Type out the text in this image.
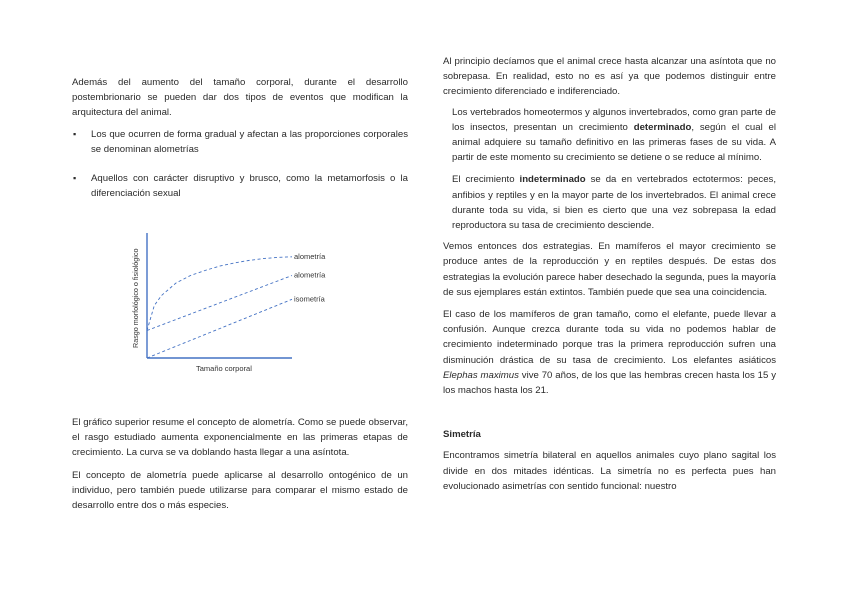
Además del aumento del tamaño corporal, durante el desarrollo postembrionario se pueden dar dos tipos de eventos que modifican la arquitectura del animal.

▪ Los que ocurren de forma gradual y afectan a las proporciones corporales se denominan alometrías
▪ Aquellos con carácter disruptivo y brusco, como la metamorfosis o la diferenciación sexual
alometría
alometría
isometría
Tamaño corporal
Rasgo morfológico o fisiológico

El gráfico superior resume el concepto de alometría. Como se puede observar, el rasgo estudiado aumenta exponencialmente en las primeras etapas de crecimiento. La curva se va doblando hasta llegar a una asíntota.

El concepto de alometría puede aplicarse al desarrollo ontogénico de un individuo, pero también puede utilizarse para comparar el mismo estado de desarrollo entre dos o más especies.

Al principio decíamos que el animal crece hasta alcanzar una asíntota que no sobrepasa. En realidad, esto no es así ya que podemos distinguir entre crecimiento diferenciado e indiferenciado.

Los vertebrados homeotermos y algunos invertebrados, como gran parte de los insectos, presentan un crecimiento determinado, según el cual el animal adquiere su tamaño definitivo en las primeras fases de su vida. A partir de este momento su crecimiento se detiene o se reduce al mínimo.

El crecimiento indeterminado se da en vertebrados ectotermos: peces, anfibios y reptiles y en la mayor parte de los invertebrados. El animal crece durante toda su vida, si bien es cierto que una vez sobrepasa la edad reproductora su tasa de crecimiento desciende.

Vemos entonces dos estrategias. En mamíferos el mayor crecimiento se produce antes de la reproducción y en reptiles después. De estas dos estrategias la evolución parece haber desechado la segunda, pues la mayoría de sus ejemplares están extintos. También puede que sea una coincidencia.

El caso de los mamíferos de gran tamaño, como el elefante, puede llevar a confusión. Aunque crezca durante toda su vida no podemos hablar de crecimiento indeterminado porque tras la primera reproducción sufren una disminución drástica de su tasa de crecimiento. Los elefantes asiáticos Elephas maximus vive 70 años, de los que las hembras crecen hasta los 15 y los machos hasta los 21.

Simetría

Encontramos simetría bilateral en aquellos animales cuyo plano sagital los divide en dos mitades idénticas. La simetría no es perfecta pues han evolucionado asimetrías con sentido funcional: nuestro
